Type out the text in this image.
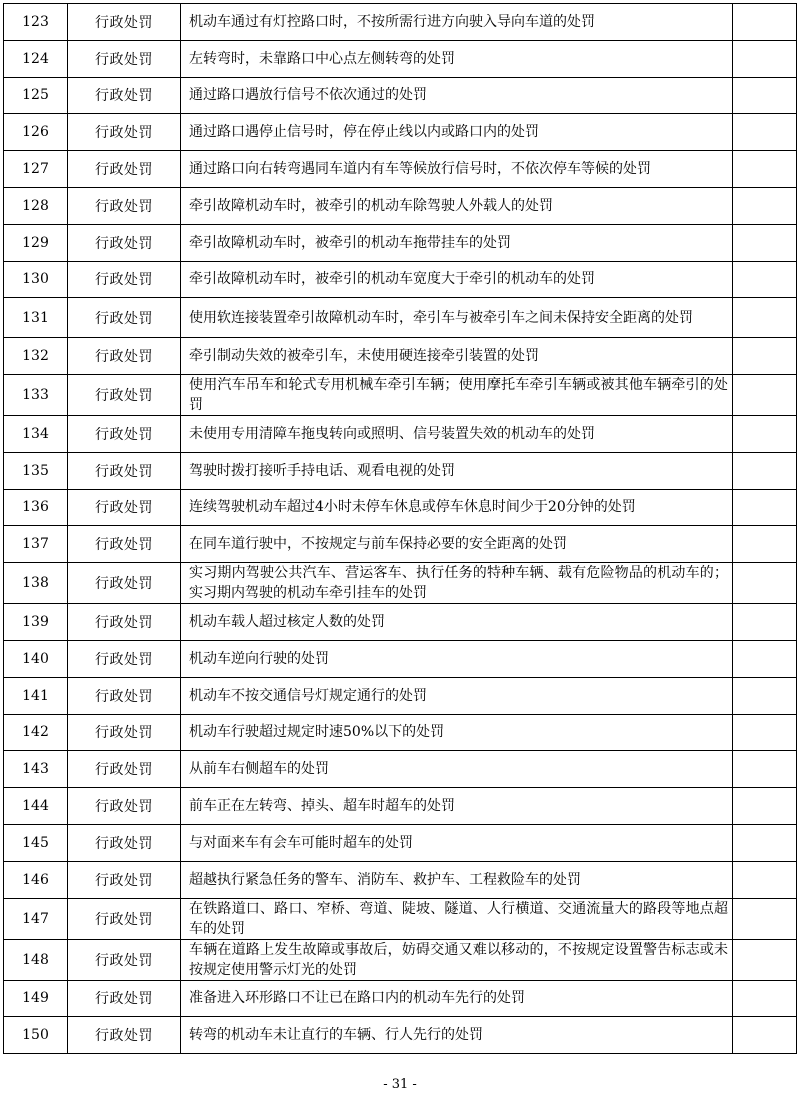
123	行政处罚	机动车通过有灯控路口时，不按所需行进方向驶入导向车道的处罚	
124	行政处罚	左转弯时，未靠路口中心点左侧转弯的处罚	
125	行政处罚	通过路口遇放行信号不依次通过的处罚	
126	行政处罚	通过路口遇停止信号时，停在停止线以内或路口内的处罚	
127	行政处罚	通过路口向右转弯遇同车道内有车等候放行信号时，不依次停车等候的处罚	
128	行政处罚	牵引故障机动车时，被牵引的机动车除驾驶人外载人的处罚	
129	行政处罚	牵引故障机动车时，被牵引的机动车拖带挂车的处罚	
130	行政处罚	牵引故障机动车时，被牵引的机动车宽度大于牵引的机动车的处罚	
131	行政处罚	使用软连接装置牵引故障机动车时，牵引车与被牵引车之间未保持安全距离的处罚	
132	行政处罚	牵引制动失效的被牵引车，未使用硬连接牵引装置的处罚	
133	行政处罚	使用汽车吊车和轮式专用机械车牵引车辆；使用摩托车牵引车辆或被其他车辆牵引的处罚	
134	行政处罚	未使用专用清障车拖曳转向或照明、信号装置失效的机动车的处罚	
135	行政处罚	驾驶时拨打接听手持电话、观看电视的处罚	
136	行政处罚	连续驾驶机动车超过4小时未停车休息或停车休息时间少于20分钟的处罚	
137	行政处罚	在同车道行驶中，不按规定与前车保持必要的安全距离的处罚	
138	行政处罚	实习期内驾驶公共汽车、营运客车、执行任务的特种车辆、载有危险物品的机动车的；实习期内驾驶的机动车牵引挂车的处罚	
139	行政处罚	机动车载人超过核定人数的处罚	
140	行政处罚	机动车逆向行驶的处罚	
141	行政处罚	机动车不按交通信号灯规定通行的处罚	
142	行政处罚	机动车行驶超过规定时速50%以下的处罚	
143	行政处罚	从前车右侧超车的处罚	
144	行政处罚	前车正在左转弯、掉头、超车时超车的处罚	
145	行政处罚	与对面来车有会车可能时超车的处罚	
146	行政处罚	超越执行紧急任务的警车、消防车、救护车、工程救险车的处罚	
147	行政处罚	在铁路道口、路口、窄桥、弯道、陡坡、隧道、人行横道、交通流量大的路段等地点超车的处罚	
148	行政处罚	车辆在道路上发生故障或事故后，妨碍交通又难以移动的，不按规定设置警告标志或未按规定使用警示灯光的处罚	
149	行政处罚	准备进入环形路口不让已在路口内的机动车先行的处罚	
150	行政处罚	转弯的机动车未让直行的车辆、行人先行的处罚	
- 31 -
